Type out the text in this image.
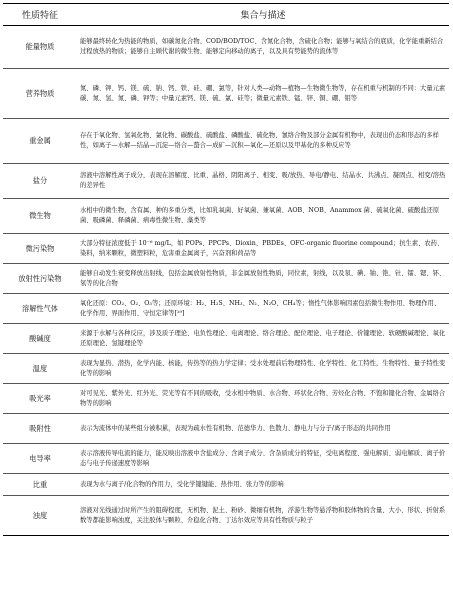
性质特征	集合与描述
能量物质	能够最终转化为热能的物质，如碳氮化合物、COD/BOD/TOC、含氮化合物，含硫化合物；能够与氧结合的底质，化学能重新结合过程放热的物质；能够自主顾代谢的微生物、能够定向移动的离子，以及具有势能势的流体等
营养物质	氮、磷、钾、钙、镁、硫、钠、钙、铁、硅、硼、氯等，针对人类—动物—植物—生物微生物等，存在机重与机制的不同：大量元素碳、氮、氢、氮、磷、钾等；中量元素钙、镁、硫、氯、硅等；微量元素铁、锰、锌、铜、硼、钼等
重金属	存在于氧化物、氢氧化物、氯化物、碳酸盐、硫酸盐、磷酸盐、硫化物、氰络合物及部分金属有机物中，表现出价态和形态的多样性，如离子—水解—结晶—沉淀—络合—螯合—成矿—沉积—氧化—还原以及甲基化的多种反应等
盐分	溶液中溶解性离子成分，表现在溶解度、比重、晶格、阴阳离子、相变、吸/放热、导电/静电、结晶水、共沸点、凝固点、相变/溶热的差异性
微生物	水相中的微生物，含有属、种的多重分类，比如乳氧菌、好氧菌、兼氧菌、AOB、NOB、Anammox 菌、硫氧化菌、硫酸盐还原菌、吸磷菌、释磷菌、病毒性微生物、藻类等
微污染物	大部分特征浓度低于 10⁻⁶ mg/L，如 POPs、PPCPs、Dioxin、PBDEs、OFC-organic fluorine compound；抗生素、农药、染料，纳米颗粒，微塑料粒，危害重金属离子，兴奋剂和荷品等
放射性污染物	能够自动发生衰变释放出射线，包括金属放射性物质，非金属放射性物质，同位素，射线，以及氡、碘、铀、铯、钍、镭、锶、钚、氡等的化合物
溶解性气体	氧化还原：CO₂、O₂、O₃等；还原环境：H₂、H₂S、NH₃、N₂、N₂O、CH₄等；惰性气体影响因素包括微生物作用、物理作用、化学作用、界面作用、守恒定律等[¹⁹]
酸碱度	来源于水解与各种反应，涉及质子理论、电负性理论、电离理论、络合理论、配位理论、电子理论、价键理论、软硬酸碱理论、氧化还原理论、氢键理论等
温度	表现为显热、潜热，化学内能、核能，传热等的热力学定律；受水处理前后物理特性、化学特性、化工特性，生物特性、量子特性变化等的影响
吸光率	对可见光、紫外光、红外光、荧光等有不同的吸收，受水相中物质、水合物、环状化合物、芳烃化合物、不饱和键化合物、金属络合物等的影响
吸附性	表示为流体中的某些组分被积累，表现为疏水性有机物、范德华力、色散力、静电力与分子/离子形态的共同作用
电导率	表示溶液传导电流的能力，能反映出溶液中含盐成分、含离子成分、含杂质成分的特征，受电离程度、强电解质、弱电解质、离子价态与电子传递速度等影响
比重	表现为水与离子/化合物的作用力，受化学键键能、热作用、张力等的影响
浊度	溶液对光线通过时所产生的阻碍程度，无机物、泥土、粉砂、微细有机物，浮游生物等悬浮物和胶体物的含量、大小、形状、折射系数等都能影响浊度，关注胶体与颗粒、介稳化合物、丁达尔效应等具有性物质与粒子
